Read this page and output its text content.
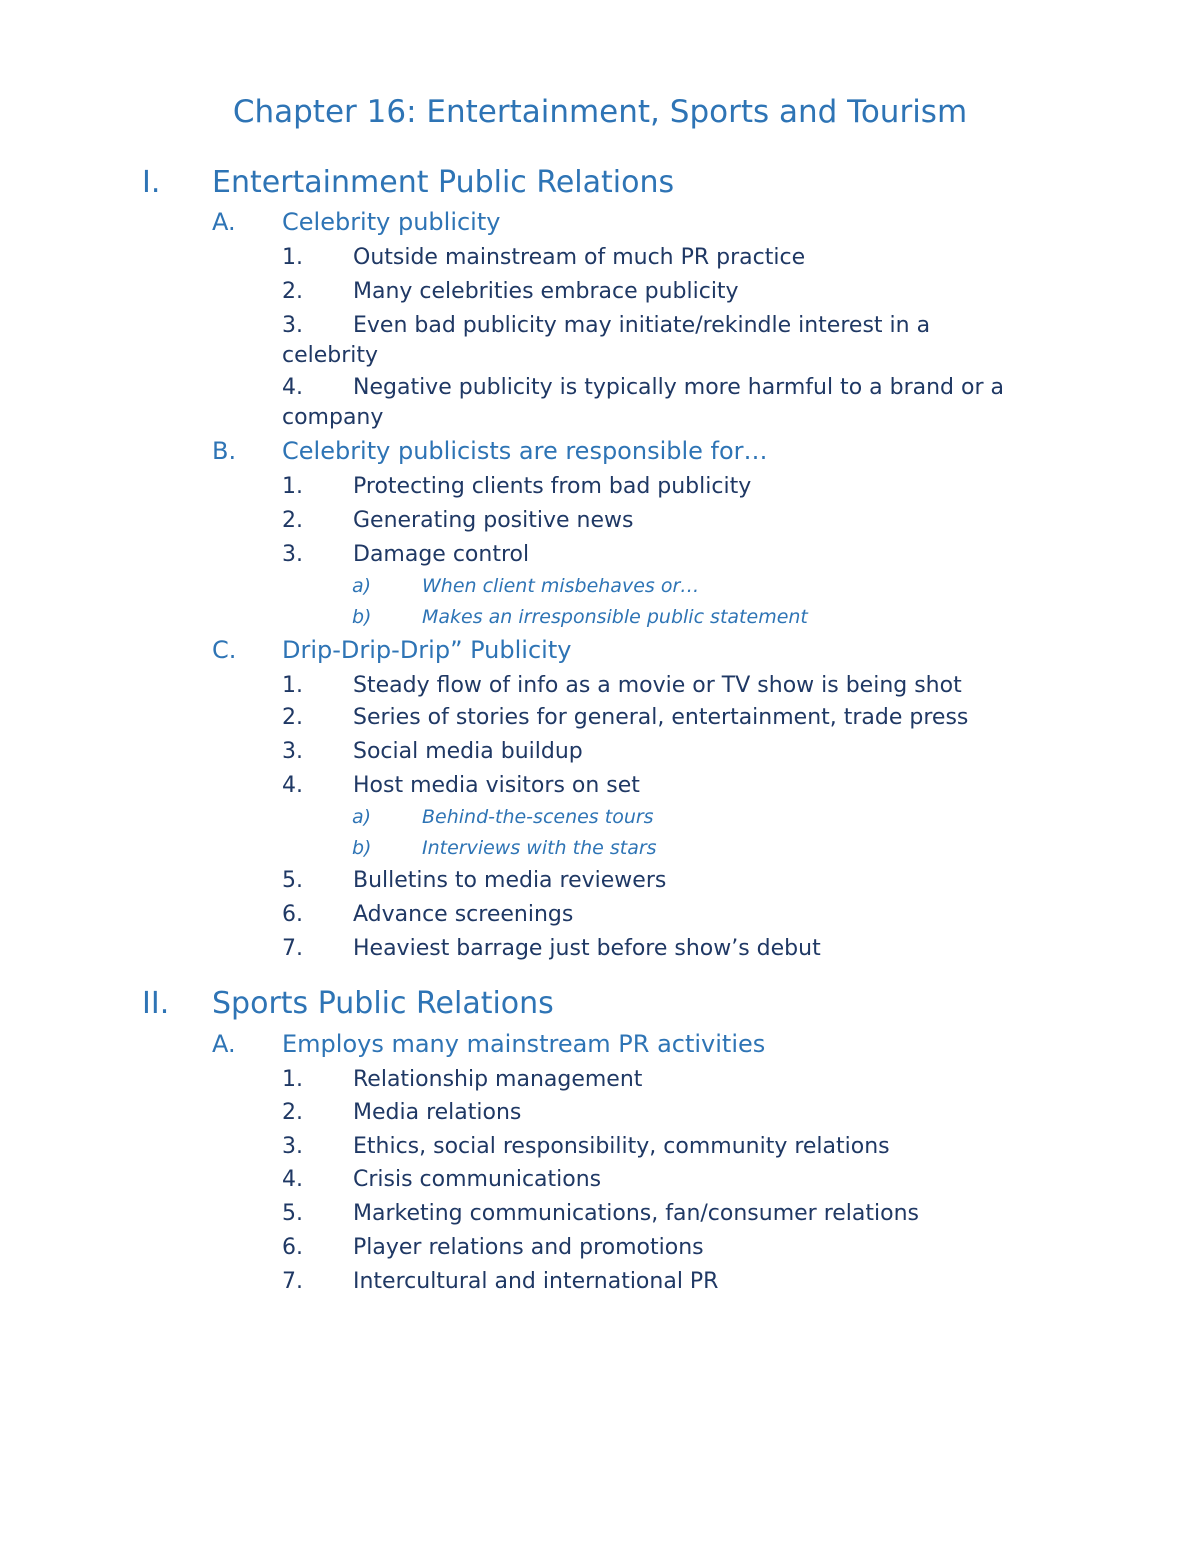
Chapter 16: Entertainment, Sports and Tourism
I. Entertainment Public Relations
A. Celebrity publicity
1. Outside mainstream of much PR practice
2. Many celebrities embrace publicity
3. Even bad publicity may initiate/rekindle interest in a
celebrity
4. Negative publicity is typically more harmful to a brand or a
company
B. Celebrity publicists are responsible for…
1. Protecting clients from bad publicity
2. Generating positive news
3. Damage control
a)	When client misbehaves or…
b)	Makes an irresponsible public statement
C. Drip-Drip-Drip” Publicity
1. Steady flow of info as a movie or TV show is being shot
2. Series of stories for general, entertainment, trade press
3. Social media buildup
4. Host media visitors on set
a)	Behind-the-scenes tours
b)	Interviews with the stars
5. Bulletins to media reviewers
6. Advance screenings
7. Heaviest barrage just before show’s debut
II. Sports Public Relations
A. Employs many mainstream PR activities
1. Relationship management
2. Media relations
3. Ethics, social responsibility, community relations
4. Crisis communications
5. Marketing communications, fan/consumer relations
6. Player relations and promotions
7. Intercultural and international PR
